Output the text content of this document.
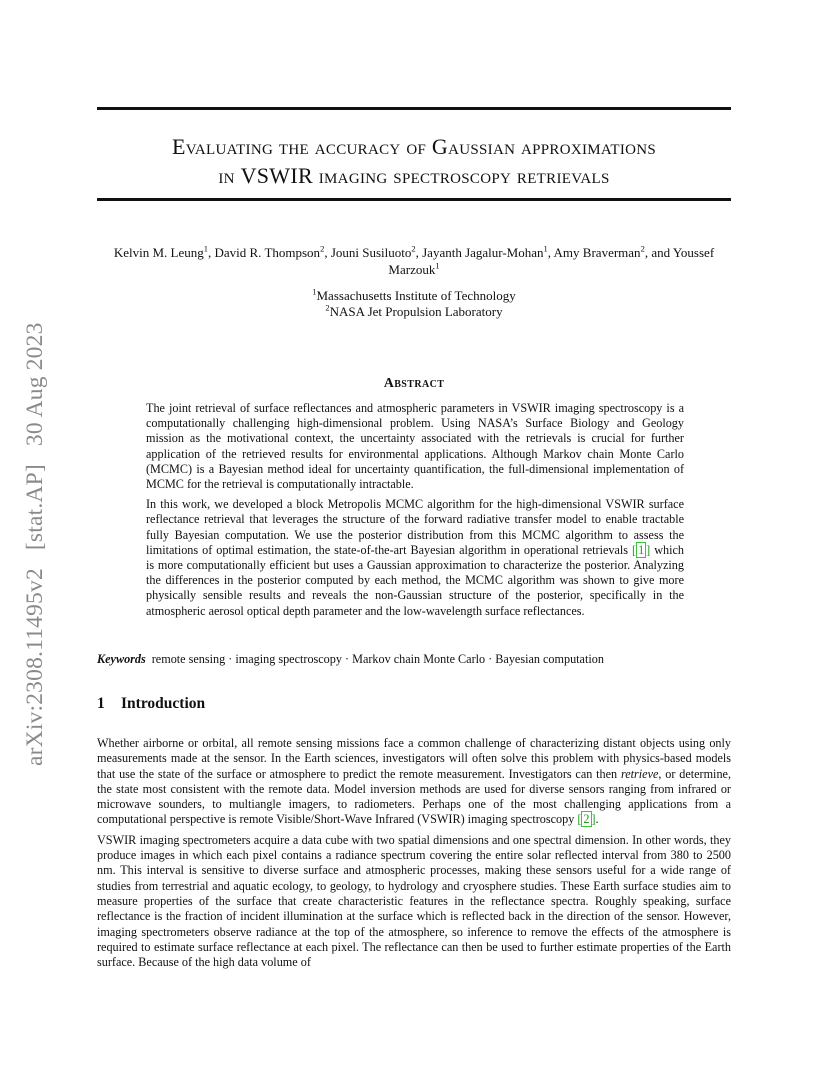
arXiv:2308.11495v2[stat.AP]30 Aug 2023
Evaluating the accuracy of Gaussian approximations
in VSWIR imaging spectroscopy retrievals
Kelvin M. Leung$^1$, David R. Thompson$^2$, Jouni Susiluoto$^2$, Jayanth Jagalur-Mohan$^1$, Amy Braverman$^2$, and Youssef Marzouk$^1$
$^1$Massachusetts Institute of Technology
$^2$NASA Jet Propulsion Laboratory
Abstract

The joint retrieval of surface reflectances and atmospheric parameters in VSWIR imaging spectroscopy is a computationally challenging high-dimensional problem. Using NASA’s Surface Biology and Geology mission as the motivational context, the uncertainty associated with the retrievals is crucial for further application of the retrieved results for environmental applications. Although Markov chain Monte Carlo (MCMC) is a Bayesian method ideal for uncertainty quantification, the full-dimensional implementation of MCMC for the retrieval is computationally intractable.

In this work, we developed a block Metropolis MCMC algorithm for the high-dimensional VSWIR surface reflectance retrieval that leverages the structure of the forward radiative transfer model to enable tractable fully Bayesian computation. We use the posterior distribution from this MCMC algorithm to assess the limitations of optimal estimation, the state-of-the-art Bayesian algorithm in operational retrievals [ 1 ] which is more computationally efficient but uses a Gaussian approximation to characterize the posterior. Analyzing the differences in the posterior computed by each method, the MCMC algorithm was shown to give more physically sensible results and reveals the non-Gaussian structure of the posterior, specifically in the atmospheric aerosol optical depth parameter and the low-wavelength surface reflectances.

Keywords remote sensing · imaging spectroscopy · Markov chain Monte Carlo · Bayesian computation
1 Introduction

Whether airborne or orbital, all remote sensing missions face a common challenge of characterizing distant objects using only measurements made at the sensor. In the Earth sciences, investigators will often solve this problem with physics-based models that use the state of the surface or atmosphere to predict the remote measurement. Investigators can then retrieve, or determine, the state most consistent with the remote data. Model inversion methods are used for diverse sensors ranging from infrared or microwave sounders, to multiangle imagers, to radiometers. Perhaps one of the most challenging applications from a computational perspective is remote Visible/Short-Wave Infrared (VSWIR) imaging spectroscopy [ 2 ].

VSWIR imaging spectrometers acquire a data cube with two spatial dimensions and one spectral dimension. In other words, they produce images in which each pixel contains a radiance spectrum covering the entire solar reflected interval from 380 to 2500 nm. This interval is sensitive to diverse surface and atmospheric processes, making these sensors useful for a wide range of studies from terrestrial and aquatic ecology, to geology, to hydrology and cryosphere studies. These Earth surface studies aim to measure properties of the surface that create characteristic features in the reflectance spectra. Roughly speaking, surface reflectance is the fraction of incident illumination at the surface which is reflected back in the direction of the sensor. However, imaging spectrometers observe radiance at the top of the atmosphere, so inference to remove the effects of the atmosphere is required to estimate surface reflectance at each pixel. The reflectance can then be used to further estimate properties of the Earth surface. Because of the high data volume of
